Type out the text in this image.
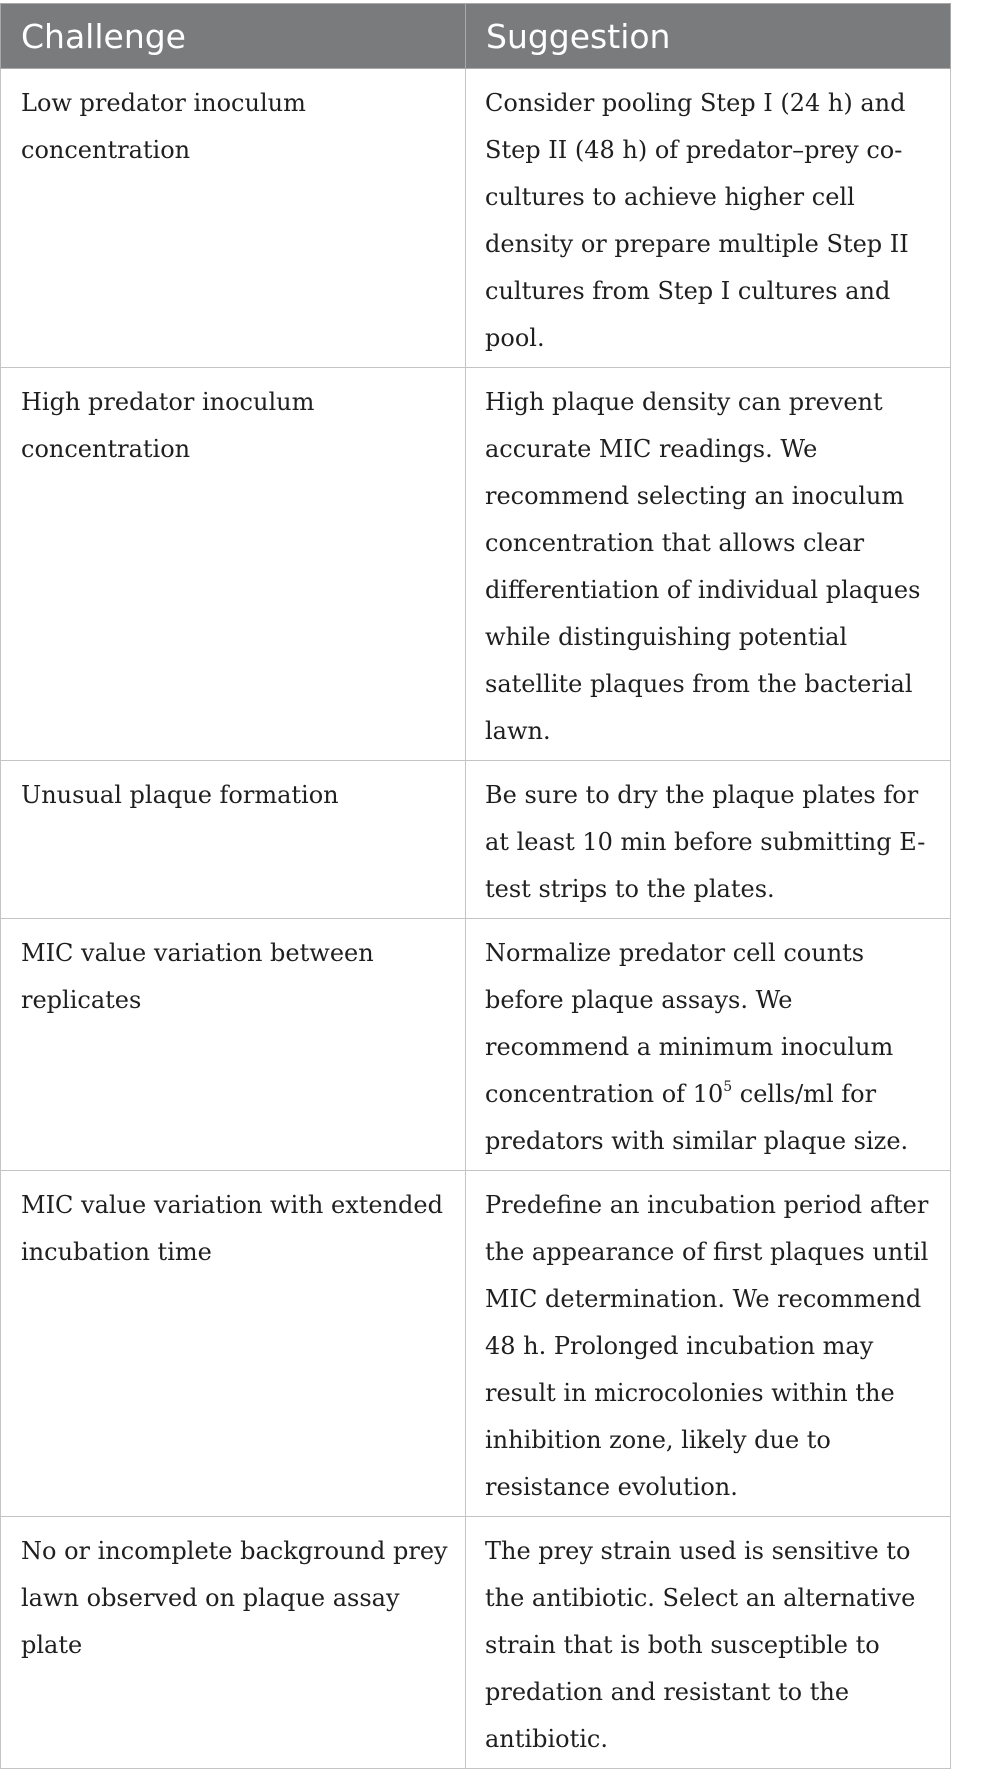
Challenge	Suggestion
Low predator inoculum concentration	Consider pooling Step I (24 h) and Step II (48 h) of predator–prey co-cultures to achieve higher cell density or prepare multiple Step II cultures from Step I cultures and pool.
High predator inoculum concentration	High plaque density can prevent accurate MIC readings. We recommend selecting an inoculum concentration that allows clear differentiation of individual plaques while distinguishing potential satellite plaques from the bacterial lawn.
Unusual plaque formation	Be sure to dry the plaque plates for at least 10 min before submitting E-test strips to the plates.
MIC value variation between replicates	Normalize predator cell counts before plaque assays. We recommend a minimum inoculum concentration of $10^5$ cells/ml for predators with similar plaque size.
MIC value variation with extended incubation time	Predefine an incubation period after the appearance of first plaques until MIC determination. We recommend 48 h. Prolonged incubation may result in microcolonies within the inhibition zone, likely due to resistance evolution.
No or incomplete background prey lawn observed on plaque assay plate	The prey strain used is sensitive to the antibiotic. Select an alternative strain that is both susceptible to predation and resistant to the antibiotic.
